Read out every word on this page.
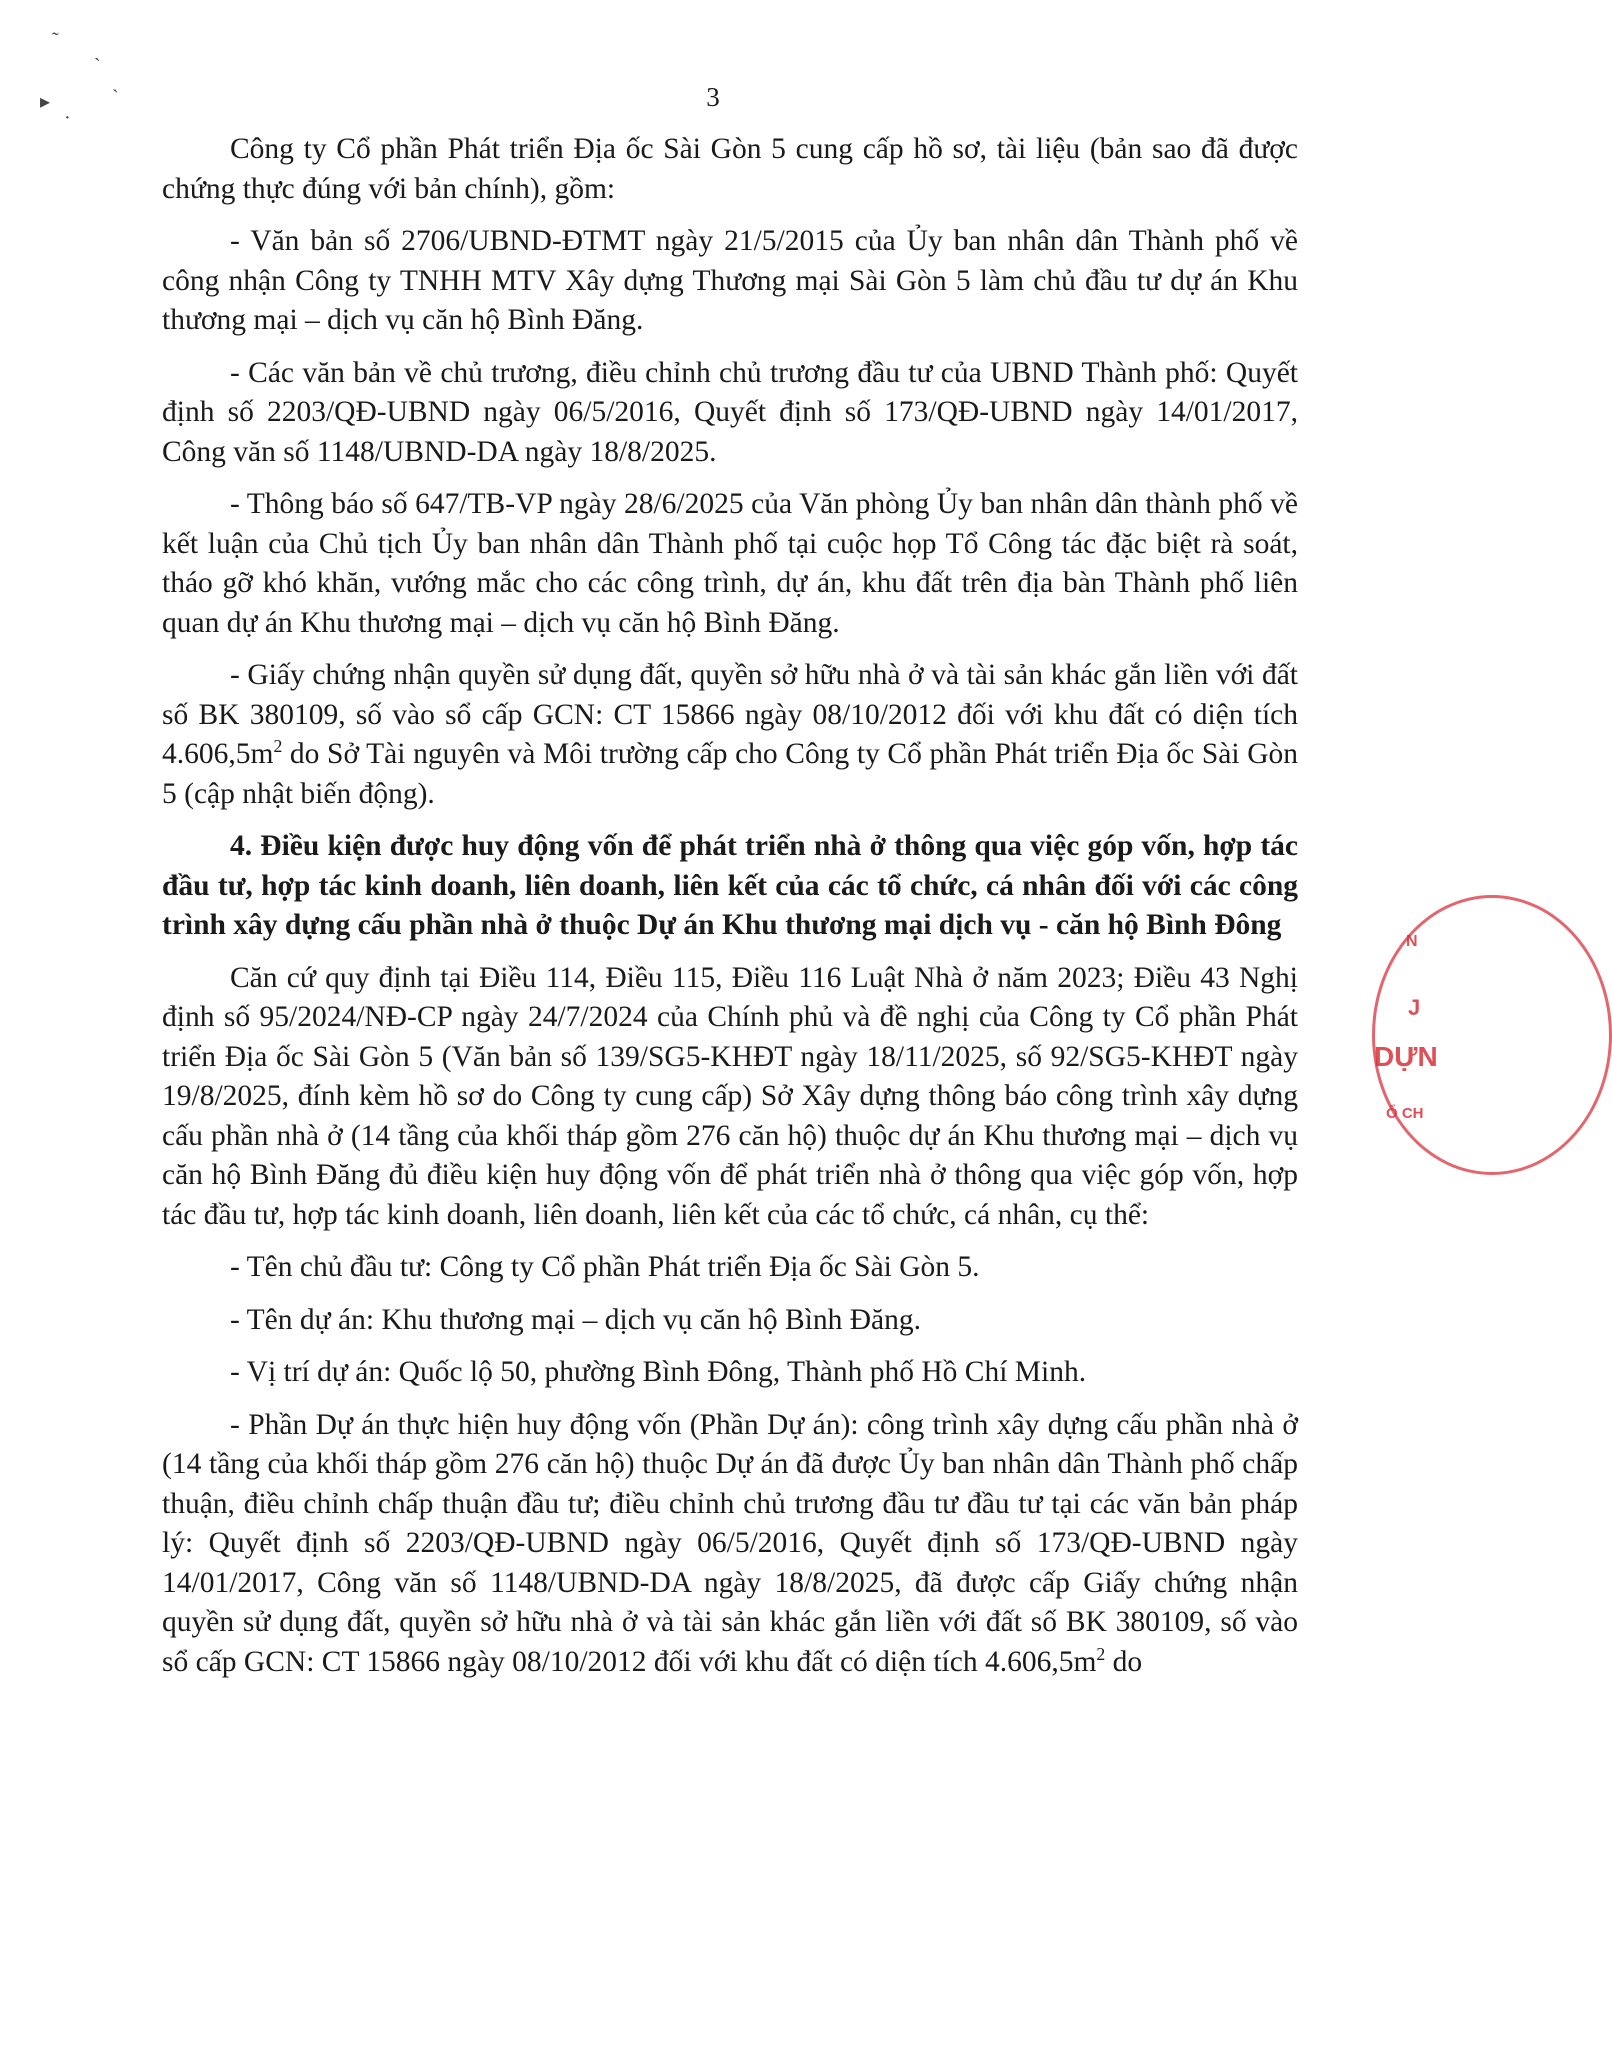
˜
ˋ
ˎ
▸
·
3

Công ty Cổ phần Phát triển Địa ốc Sài Gòn 5 cung cấp hồ sơ, tài liệu (bản sao đã được chứng thực đúng với bản chính), gồm:

- Văn bản số 2706/UBND-ĐTMT ngày 21/5/2015 của Ủy ban nhân dân Thành phố về công nhận Công ty TNHH MTV Xây dựng Thương mại Sài Gòn 5 làm chủ đầu tư dự án Khu thương mại – dịch vụ căn hộ Bình Đăng.

- Các văn bản về chủ trương, điều chỉnh chủ trương đầu tư của UBND Thành phố: Quyết định số 2203/QĐ-UBND ngày 06/5/2016, Quyết định số 173/QĐ-UBND ngày 14/01/2017, Công văn số 1148/UBND-DA ngày 18/8/2025.

- Thông báo số 647/TB-VP ngày 28/6/2025 của Văn phòng Ủy ban nhân dân thành phố về kết luận của Chủ tịch Ủy ban nhân dân Thành phố tại cuộc họp Tổ Công tác đặc biệt rà soát, tháo gỡ khó khăn, vướng mắc cho các công trình, dự án, khu đất trên địa bàn Thành phố liên quan dự án Khu thương mại – dịch vụ căn hộ Bình Đăng.

- Giấy chứng nhận quyền sử dụng đất, quyền sở hữu nhà ở và tài sản khác gắn liền với đất số BK 380109, số vào sổ cấp GCN: CT 15866 ngày 08/10/2012 đối với khu đất có diện tích $4.606,5m^2$ do Sở Tài nguyên và Môi trường cấp cho Công ty Cổ phần Phát triển Địa ốc Sài Gòn 5 (cập nhật biến động).

4. Điều kiện được huy động vốn để phát triển nhà ở thông qua việc góp vốn, hợp tác đầu tư, hợp tác kinh doanh, liên doanh, liên kết của các tổ chức, cá nhân đối với các công trình xây dựng cấu phần nhà ở thuộc Dự án Khu thương mại dịch vụ - căn hộ Bình Đông

Căn cứ quy định tại Điều 114, Điều 115, Điều 116 Luật Nhà ở năm 2023; Điều 43 Nghị định số 95/2024/NĐ-CP ngày 24/7/2024 của Chính phủ và đề nghị của Công ty Cổ phần Phát triển Địa ốc Sài Gòn 5 (Văn bản số 139/SG5-KHĐT ngày 18/11/2025, số 92/SG5-KHĐT ngày 19/8/2025, đính kèm hồ sơ do Công ty cung cấp) Sở Xây dựng thông báo công trình xây dựng cấu phần nhà ở (14 tầng của khối tháp gồm 276 căn hộ) thuộc dự án Khu thương mại – dịch vụ căn hộ Bình Đăng đủ điều kiện huy động vốn để phát triển nhà ở thông qua việc góp vốn, hợp tác đầu tư, hợp tác kinh doanh, liên doanh, liên kết của các tổ chức, cá nhân, cụ thể:

- Tên chủ đầu tư: Công ty Cổ phần Phát triển Địa ốc Sài Gòn 5.

- Tên dự án: Khu thương mại – dịch vụ căn hộ Bình Đăng.

- Vị trí dự án: Quốc lộ 50, phường Bình Đông, Thành phố Hồ Chí Minh.

- Phần Dự án thực hiện huy động vốn (Phần Dự án): công trình xây dựng cấu phần nhà ở (14 tầng của khối tháp gồm 276 căn hộ) thuộc Dự án đã được Ủy ban nhân dân Thành phố chấp thuận, điều chỉnh chấp thuận đầu tư; điều chỉnh chủ trương đầu tư đầu tư tại các văn bản pháp lý: Quyết định số 2203/QĐ-UBND ngày 06/5/2016, Quyết định số 173/QĐ-UBND ngày 14/01/2017, Công văn số 1148/UBND-DA ngày 18/8/2025, đã được cấp Giấy chứng nhận quyền sử dụng đất, quyền sở hữu nhà ở và tài sản khác gắn liền với đất số BK 380109, số vào sổ cấp GCN: CT 15866 ngày 08/10/2012 đối với khu đất có diện tích $4.606,5m^2$ do

N
J
DỰN
Ổ CH
